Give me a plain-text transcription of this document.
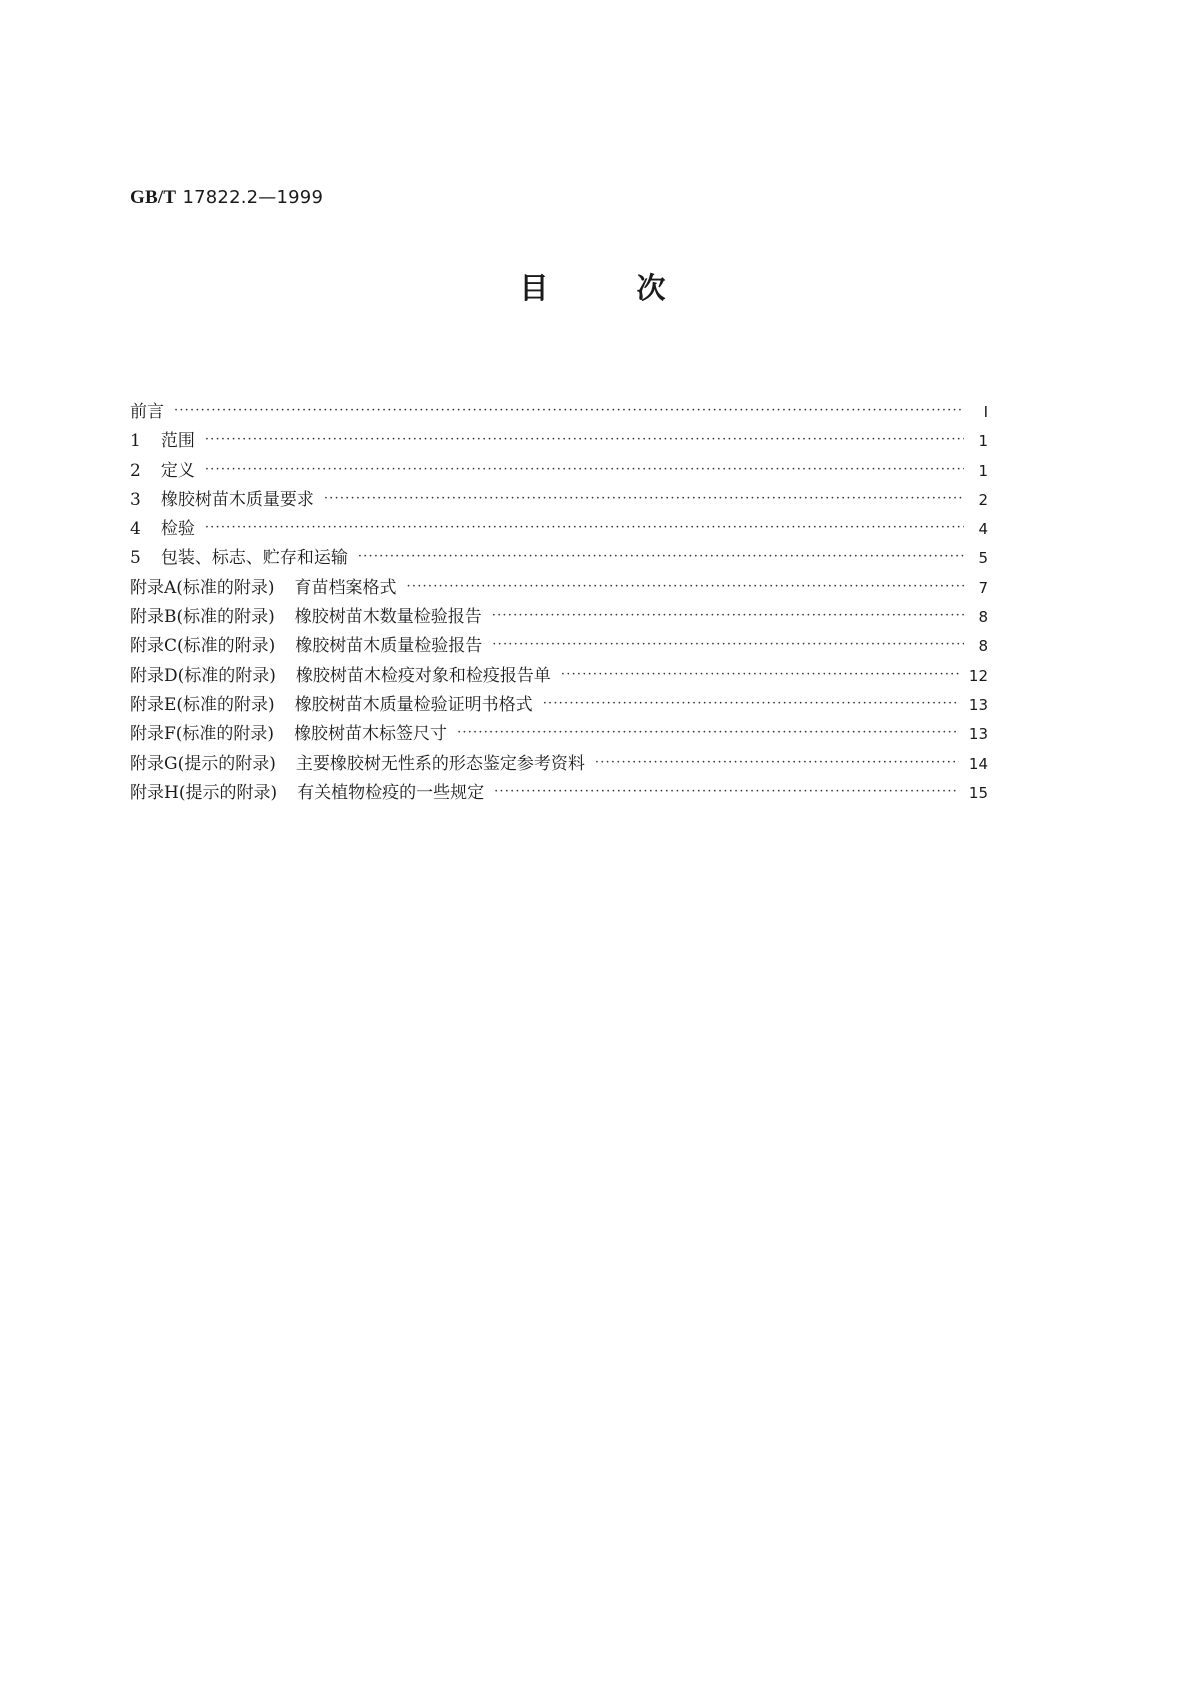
GB/T 17822.2—1999
目	次
前言 ·····	Ⅰ
1 范围 ·····	1
2 定义 ·····	1
3 橡胶树苗木质量要求 ·····	2
4 检验 ·····	4
5 包装、标志、贮存和运输 ·····	5
附录A(标准的附录) 育苗档案格式 ·····	7
附录B(标准的附录) 橡胶树苗木数量检验报告 ·····	8
附录C(标准的附录) 橡胶树苗木质量检验报告 ·····	8
附录D(标准的附录) 橡胶树苗木检疫对象和检疫报告单 ·····	12
附录E(标准的附录) 橡胶树苗木质量检验证明书格式 ·····	13
附录F(标准的附录) 橡胶树苗木标签尺寸 ·····	13
附录G(提示的附录) 主要橡胶树无性系的形态鉴定参考资料 ·····	14
附录H(提示的附录) 有关植物检疫的一些规定 ·····	15
